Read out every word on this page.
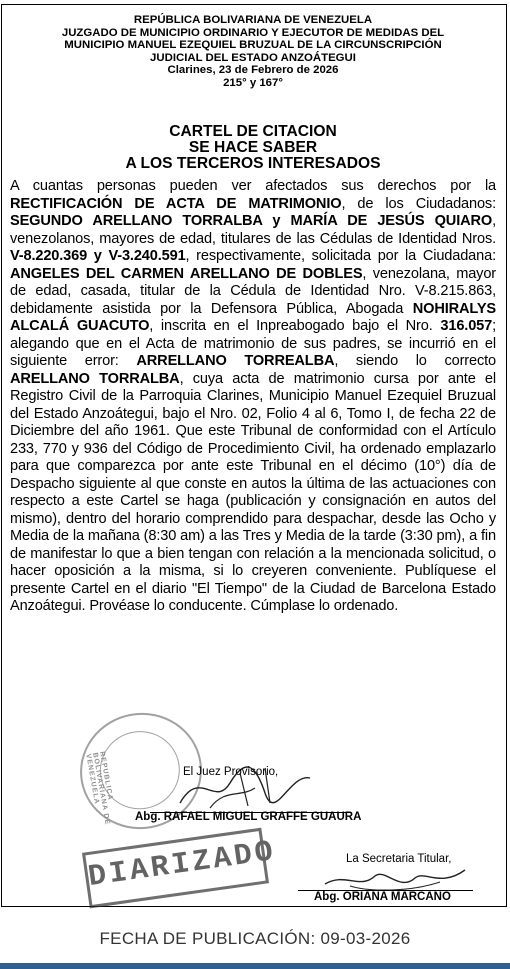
REPÚBLICA BOLIVARIANA DE VENEZUELA
JUZGADO DE MUNICIPIO ORDINARIO Y EJECUTOR DE MEDIDAS DEL
MUNICIPIO MANUEL EZEQUIEL BRUZUAL DE LA CIRCUNSCRIPCIÓN
JUDICIAL DEL ESTADO ANZOÁTEGUI
Clarines, 23 de Febrero de 2026
215° y 167°
CARTEL DE CITACION
SE HACE SABER
A LOS TERCEROS INTERESADOS
A cuantas personas pueden ver afectados sus derechos por la RECTIFICACIÓN DE ACTA DE MATRIMONIO, de los Ciudadanos: SEGUNDO ARELLANO TORRALBA y MARÍA DE JESÚS QUIARO, venezolanos, mayores de edad, titulares de las Cédulas de Identidad Nros. V-8.220.369 y V-3.240.591, respectivamente, solicitada por la Ciudadana: ANGELES DEL CARMEN ARELLANO DE DOBLES, venezolana, mayor de edad, casada, titular de la Cédula de Identidad Nro. V-8.215.863, debidamente asistida por la Defensora Pública, Abogada NOHIRALYS ALCALÁ GUACUTO, inscrita en el Inpreabogado bajo el Nro. 316.057; alegando que en el Acta de matrimonio de sus padres, se incurrió en el siguiente error: ARRELLANO TORREALBA, siendo lo correcto ARELLANO TORRALBA, cuya acta de matrimonio cursa por ante el Registro Civil de la Parroquia Clarines, Municipio Manuel Ezequiel Bruzual del Estado Anzoátegui, bajo el Nro. 02, Folio 4 al 6, Tomo I, de fecha 22 de Diciembre del año 1961. Que este Tribunal de conformidad con el Artículo 233, 770 y 936 del Código de Procedimiento Civil, ha ordenado emplazarlo para que comparezca por ante este Tribunal en el décimo (10°) día de Despacho siguiente al que conste en autos la última de las actuaciones con respecto a este Cartel se haga (publicación y consignación en autos del mismo), dentro del horario comprendido para despachar, desde las Ocho y Media de la mañana (8:30 am) a las Tres y Media de la tarde (3:30 pm), a fin de manifestar lo que a bien tengan con relación a la mencionada solicitud, o hacer oposición a la misma, si lo creyeren conveniente. Publíquese el presente Cartel en el diario "El Tiempo" de la Ciudad de Barcelona Estado Anzoátegui. Provéase lo conducente. Cúmplase lo ordenado.
REPUBLICA BOLIVARIANA DE VENEZUELA	El Juez Provisorio,
Abg. RAFAEL MIGUEL GRAFFE GUAURA
DIARIZADO	La Secretaria Titular,
Abg. ORIANA MARCANO
FECHA DE PUBLICACIÓN: 09-03-2026
